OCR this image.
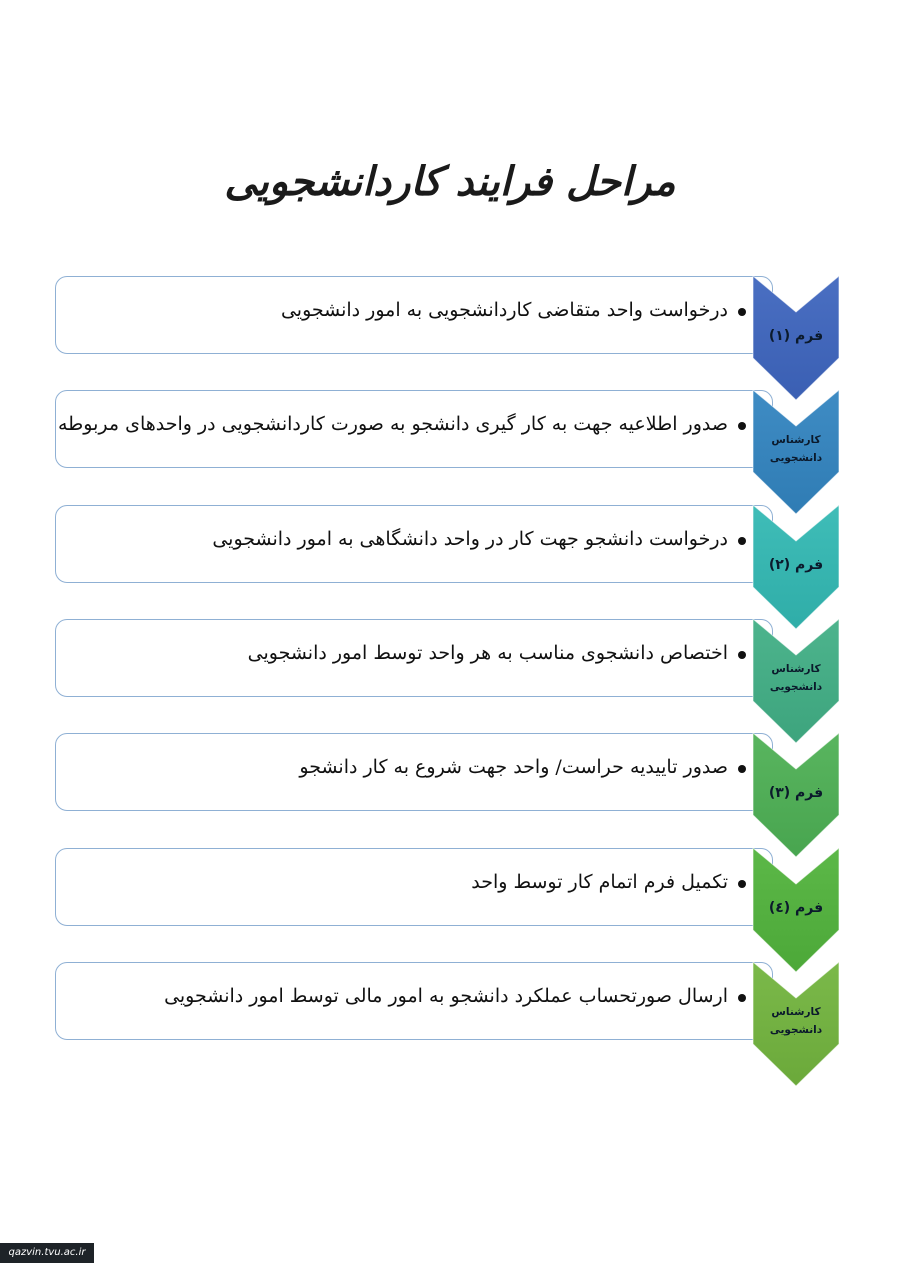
مراحل فرایند کاردانشجویی
درخواست واحد متقاضی کاردانشجویی به امور دانشجویی
فرم (۱)
صدور اطلاعیه جهت به کار گیری دانشجو به صورت کاردانشجویی در واحدهای مربوطه
کارشناس
دانشجویی
درخواست دانشجو جهت کار در واحد دانشگاهی به امور دانشجویی
فرم (۲)
اختصاص دانشجوی مناسب به هر واحد توسط امور دانشجویی
کارشناس
دانشجویی
صدور تاییدیه حراست/ واحد جهت شروع به کار دانشجو
فرم (۳)
تکمیل فرم اتمام کار توسط واحد
فرم (٤)
ارسال صورتحساب عملکرد دانشجو به امور مالی توسط امور دانشجویی
کارشناس
دانشجویی
qazvin.tvu.ac.ir
